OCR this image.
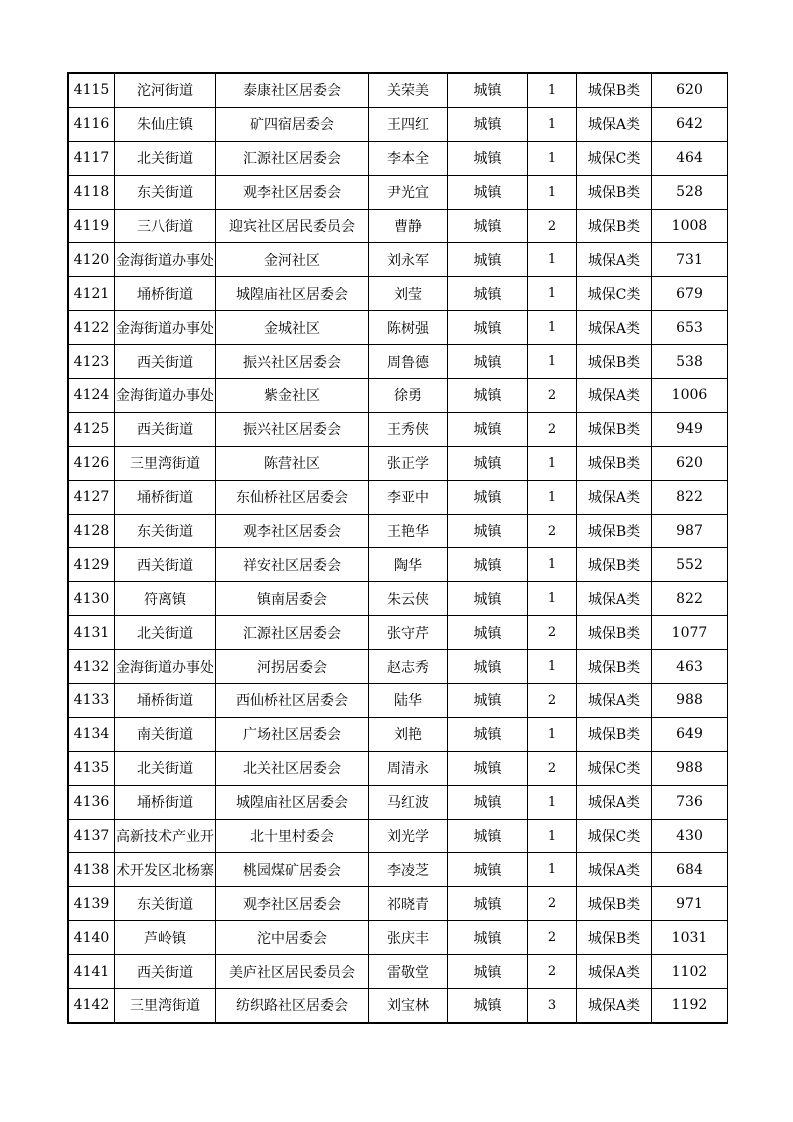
4115	沱河街道	泰康社区居委会	关荣美	城镇	1	城保B类	620
4116	朱仙庄镇	矿四宿居委会	王四红	城镇	1	城保A类	642
4117	北关街道	汇源社区居委会	李本全	城镇	1	城保C类	464
4118	东关街道	观李社区居委会	尹光宜	城镇	1	城保B类	528
4119	三八街道	迎宾社区居民委员会	曹静	城镇	2	城保B类	1008
4120	金海街道办事处	金河社区	刘永军	城镇	1	城保A类	731
4121	埇桥街道	城隍庙社区居委会	刘莹	城镇	1	城保C类	679
4122	金海街道办事处	金城社区	陈树强	城镇	1	城保A类	653
4123	西关街道	振兴社区居委会	周鲁德	城镇	1	城保B类	538
4124	金海街道办事处	紫金社区	徐勇	城镇	2	城保A类	1006
4125	西关街道	振兴社区居委会	王秀侠	城镇	2	城保B类	949
4126	三里湾街道	陈营社区	张正学	城镇	1	城保B类	620
4127	埇桥街道	东仙桥社区居委会	李亚中	城镇	1	城保A类	822
4128	东关街道	观李社区居委会	王艳华	城镇	2	城保B类	987
4129	西关街道	祥安社区居委会	陶华	城镇	1	城保B类	552
4130	符离镇	镇南居委会	朱云侠	城镇	1	城保A类	822
4131	北关街道	汇源社区居委会	张守芹	城镇	2	城保B类	1077
4132	金海街道办事处	河拐居委会	赵志秀	城镇	1	城保B类	463
4133	埇桥街道	西仙桥社区居委会	陆华	城镇	2	城保A类	988
4134	南关街道	广场社区居委会	刘艳	城镇	1	城保B类	649
4135	北关街道	北关社区居委会	周清永	城镇	2	城保C类	988
4136	埇桥街道	城隍庙社区居委会	马红波	城镇	1	城保A类	736
4137	高新技术产业开	北十里村委会	刘光学	城镇	1	城保C类	430
4138	术开发区北杨寨	桃园煤矿居委会	李凌芝	城镇	1	城保A类	684
4139	东关街道	观李社区居委会	祁晓青	城镇	2	城保B类	971
4140	芦岭镇	沱中居委会	张庆丰	城镇	2	城保B类	1031
4141	西关街道	美庐社区居民委员会	雷敬堂	城镇	2	城保A类	1102
4142	三里湾街道	纺织路社区居委会	刘宝林	城镇	3	城保A类	1192
